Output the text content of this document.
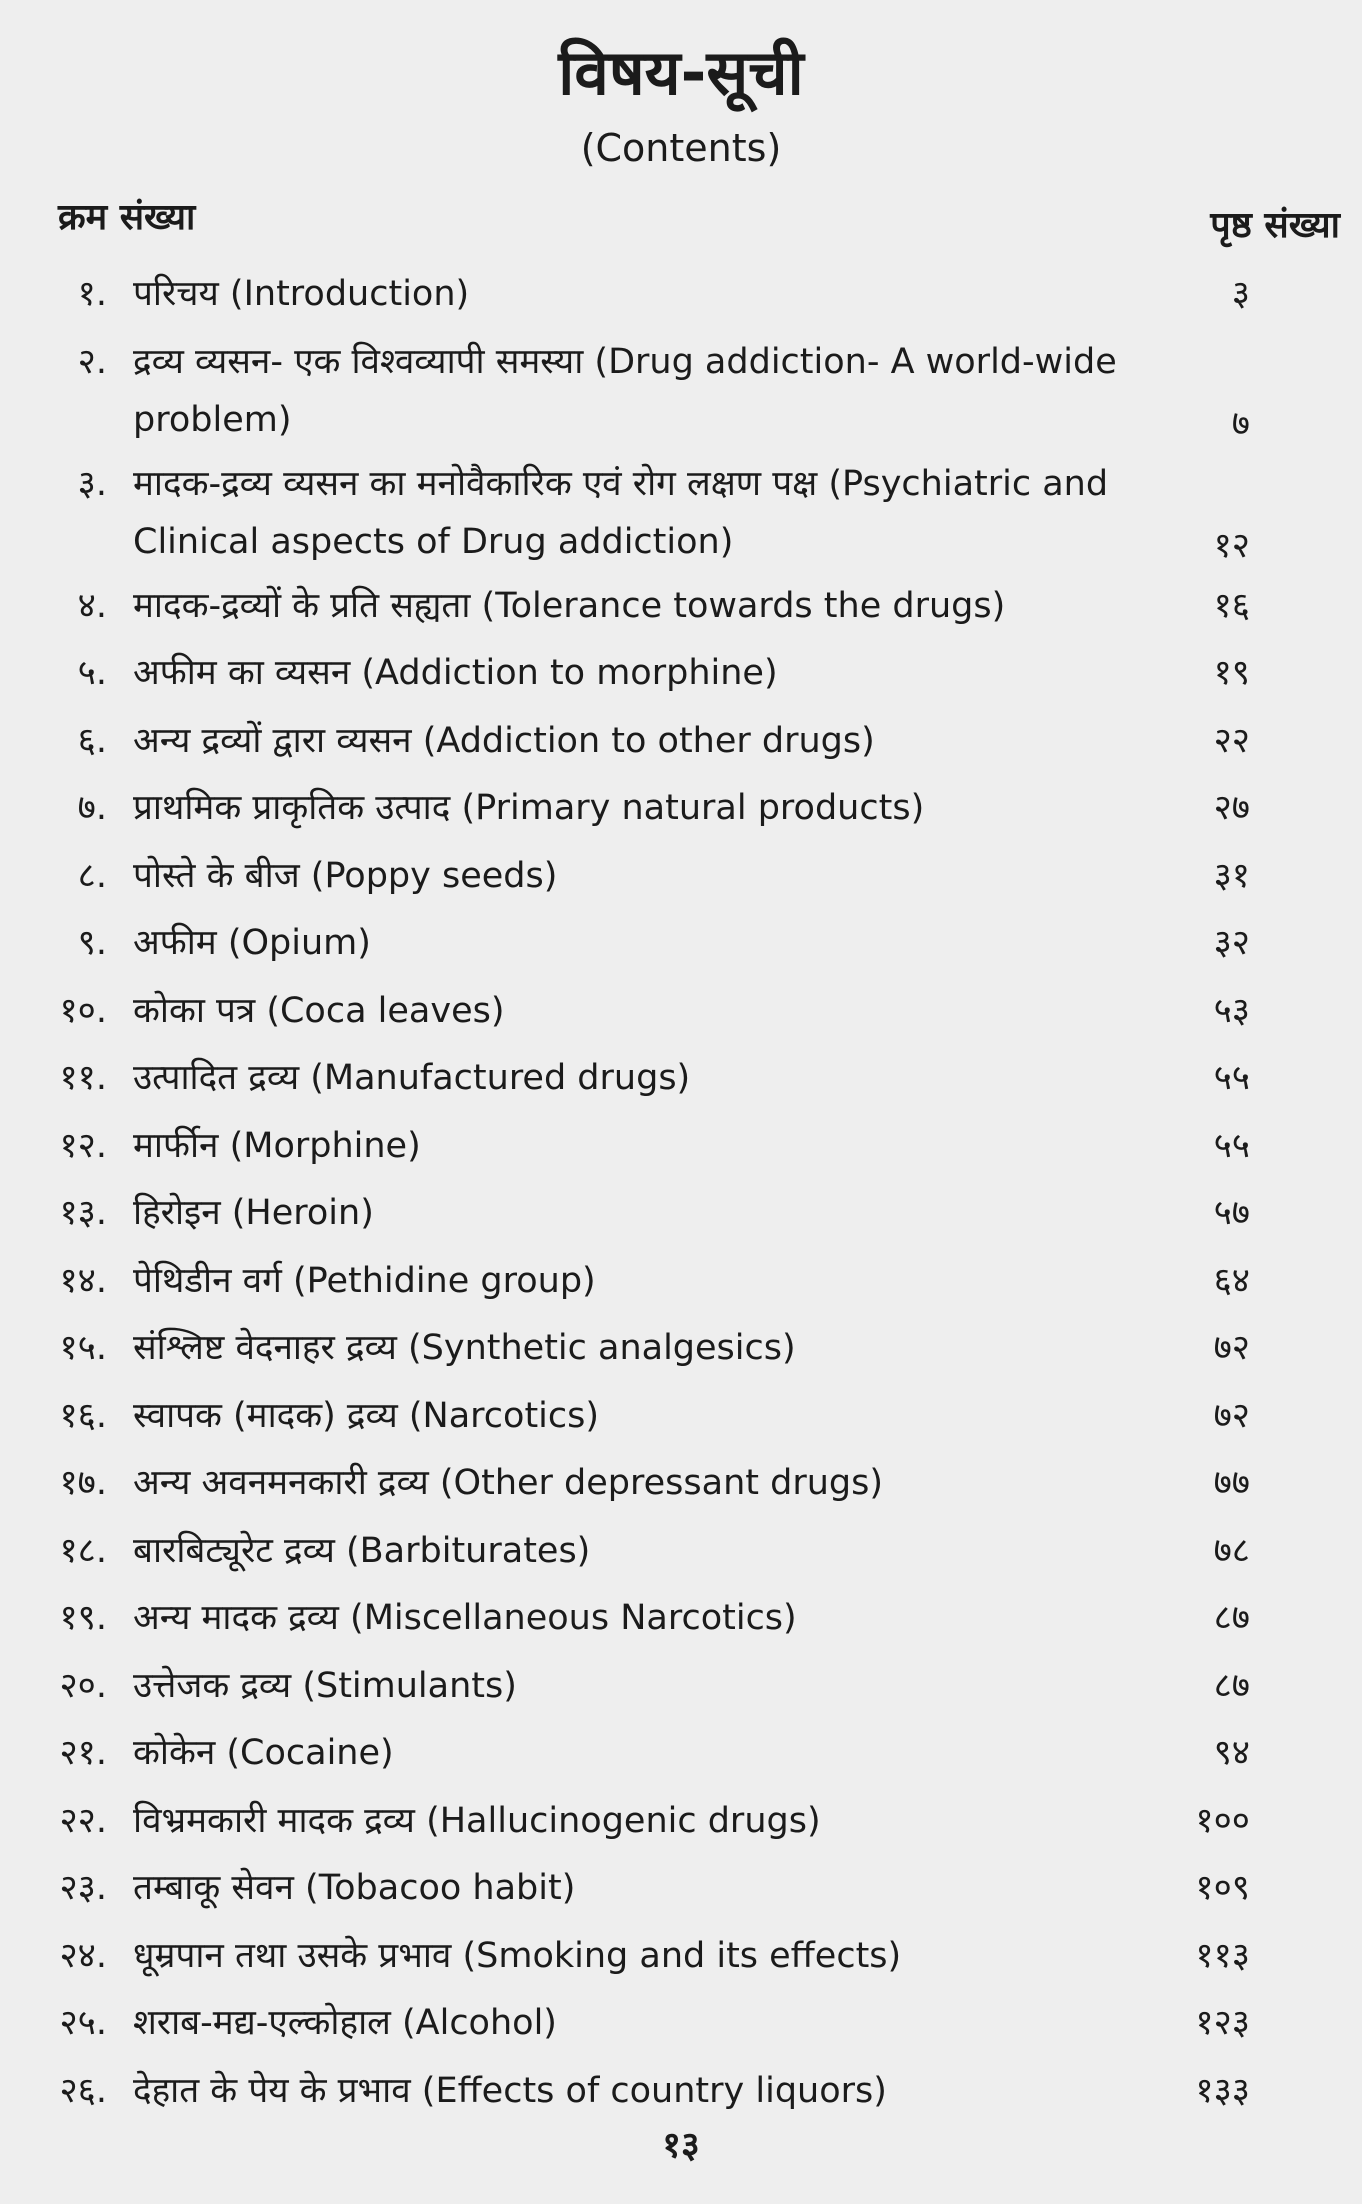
विषय-सूची
(Contents)
क्रम संख्या	पृष्ठ संख्या
१. परिचय (Introduction)	३
२. द्रव्य व्यसन- एक विश्वव्यापी समस्या (Drug addiction- A world-wide problem)	७
३. मादक-द्रव्य व्यसन का मनोवैकारिक एवं रोग लक्षण पक्ष (Psychiatric and Clinical aspects of Drug addiction)	१२
४. मादक-द्रव्यों के प्रति सह्यता (Tolerance towards the drugs)	१६
५. अफीम का व्यसन (Addiction to morphine)	१९
६. अन्य द्रव्यों द्वारा व्यसन (Addiction to other drugs)	२२
७. प्राथमिक प्राकृतिक उत्पाद (Primary natural products)	२७
८. पोस्ते के बीज (Poppy seeds)	३१
९. अफीम (Opium)	३२
१०. कोका पत्र (Coca leaves)	५३
११. उत्पादित द्रव्य (Manufactured drugs)	५५
१२. मार्फीन (Morphine)	५५
१३. हिरोइन (Heroin)	५७
१४. पेथिडीन वर्ग (Pethidine group)	६४
१५. संश्लिष्ट वेदनाहर द्रव्य (Synthetic analgesics)	७२
१६. स्वापक (मादक) द्रव्य (Narcotics)	७२
१७. अन्य अवनमनकारी द्रव्य (Other depressant drugs)	७७
१८. बारबिट्यूरेट द्रव्य (Barbiturates)	७८
१९. अन्य मादक द्रव्य (Miscellaneous Narcotics)	८७
२०. उत्तेजक द्रव्य (Stimulants)	८७
२१. कोकेन (Cocaine)	९४
२२. विभ्रमकारी मादक द्रव्य (Hallucinogenic drugs)	१००
२३. तम्बाकू सेवन (Tobacoo habit)	१०९
२४. धूम्रपान तथा उसके प्रभाव (Smoking and its effects)	११३
२५. शराब-मद्य-एल्कोहाल (Alcohol)	१२३
२६. देहात के पेय के प्रभाव (Effects of country liquors)	१३३
१३
